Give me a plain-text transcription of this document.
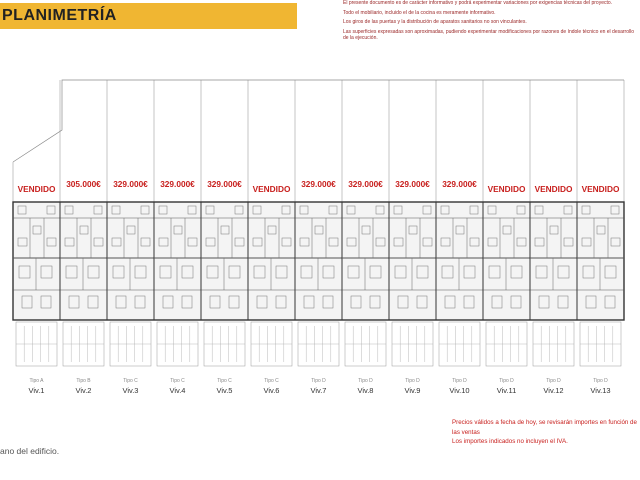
PLANIMETRÍA

El presente documento es de carácter informativo y podrá experimentar variaciones por exigencias técnicas del proyecto.

Todo el mobiliario, incluido el de la cocina es meramente informativo.

Los giros de las puertas y la distribución de aparatos sanitarios no son vinculantes.

Las superficies expresadas son aproximadas, pudiendo experimentar modificaciones por razones de índole técnico en el desarrollo de la ejecución.

VENDIDO
Tipo A
Viv.1
305.000€
Tipo B
Viv.2
329.000€
Tipo C
Viv.3
329.000€
Tipo C
Viv.4
329.000€
Tipo C
Viv.5
VENDIDO
Tipo C
Viv.6
329.000€
Tipo D
Viv.7
329.000€
Tipo D
Viv.8
329.000€
Tipo D
Viv.9
329.000€
Tipo D
Viv.10
VENDIDO
Tipo D
Viv.11
VENDIDO
Tipo D
Viv.12
VENDIDO
Tipo D
Viv.13

Precios válidos a fecha de hoy, se revisarán importes en función de las ventas

Los importes indicados no incluyen el IVA.

ano del edificio.
